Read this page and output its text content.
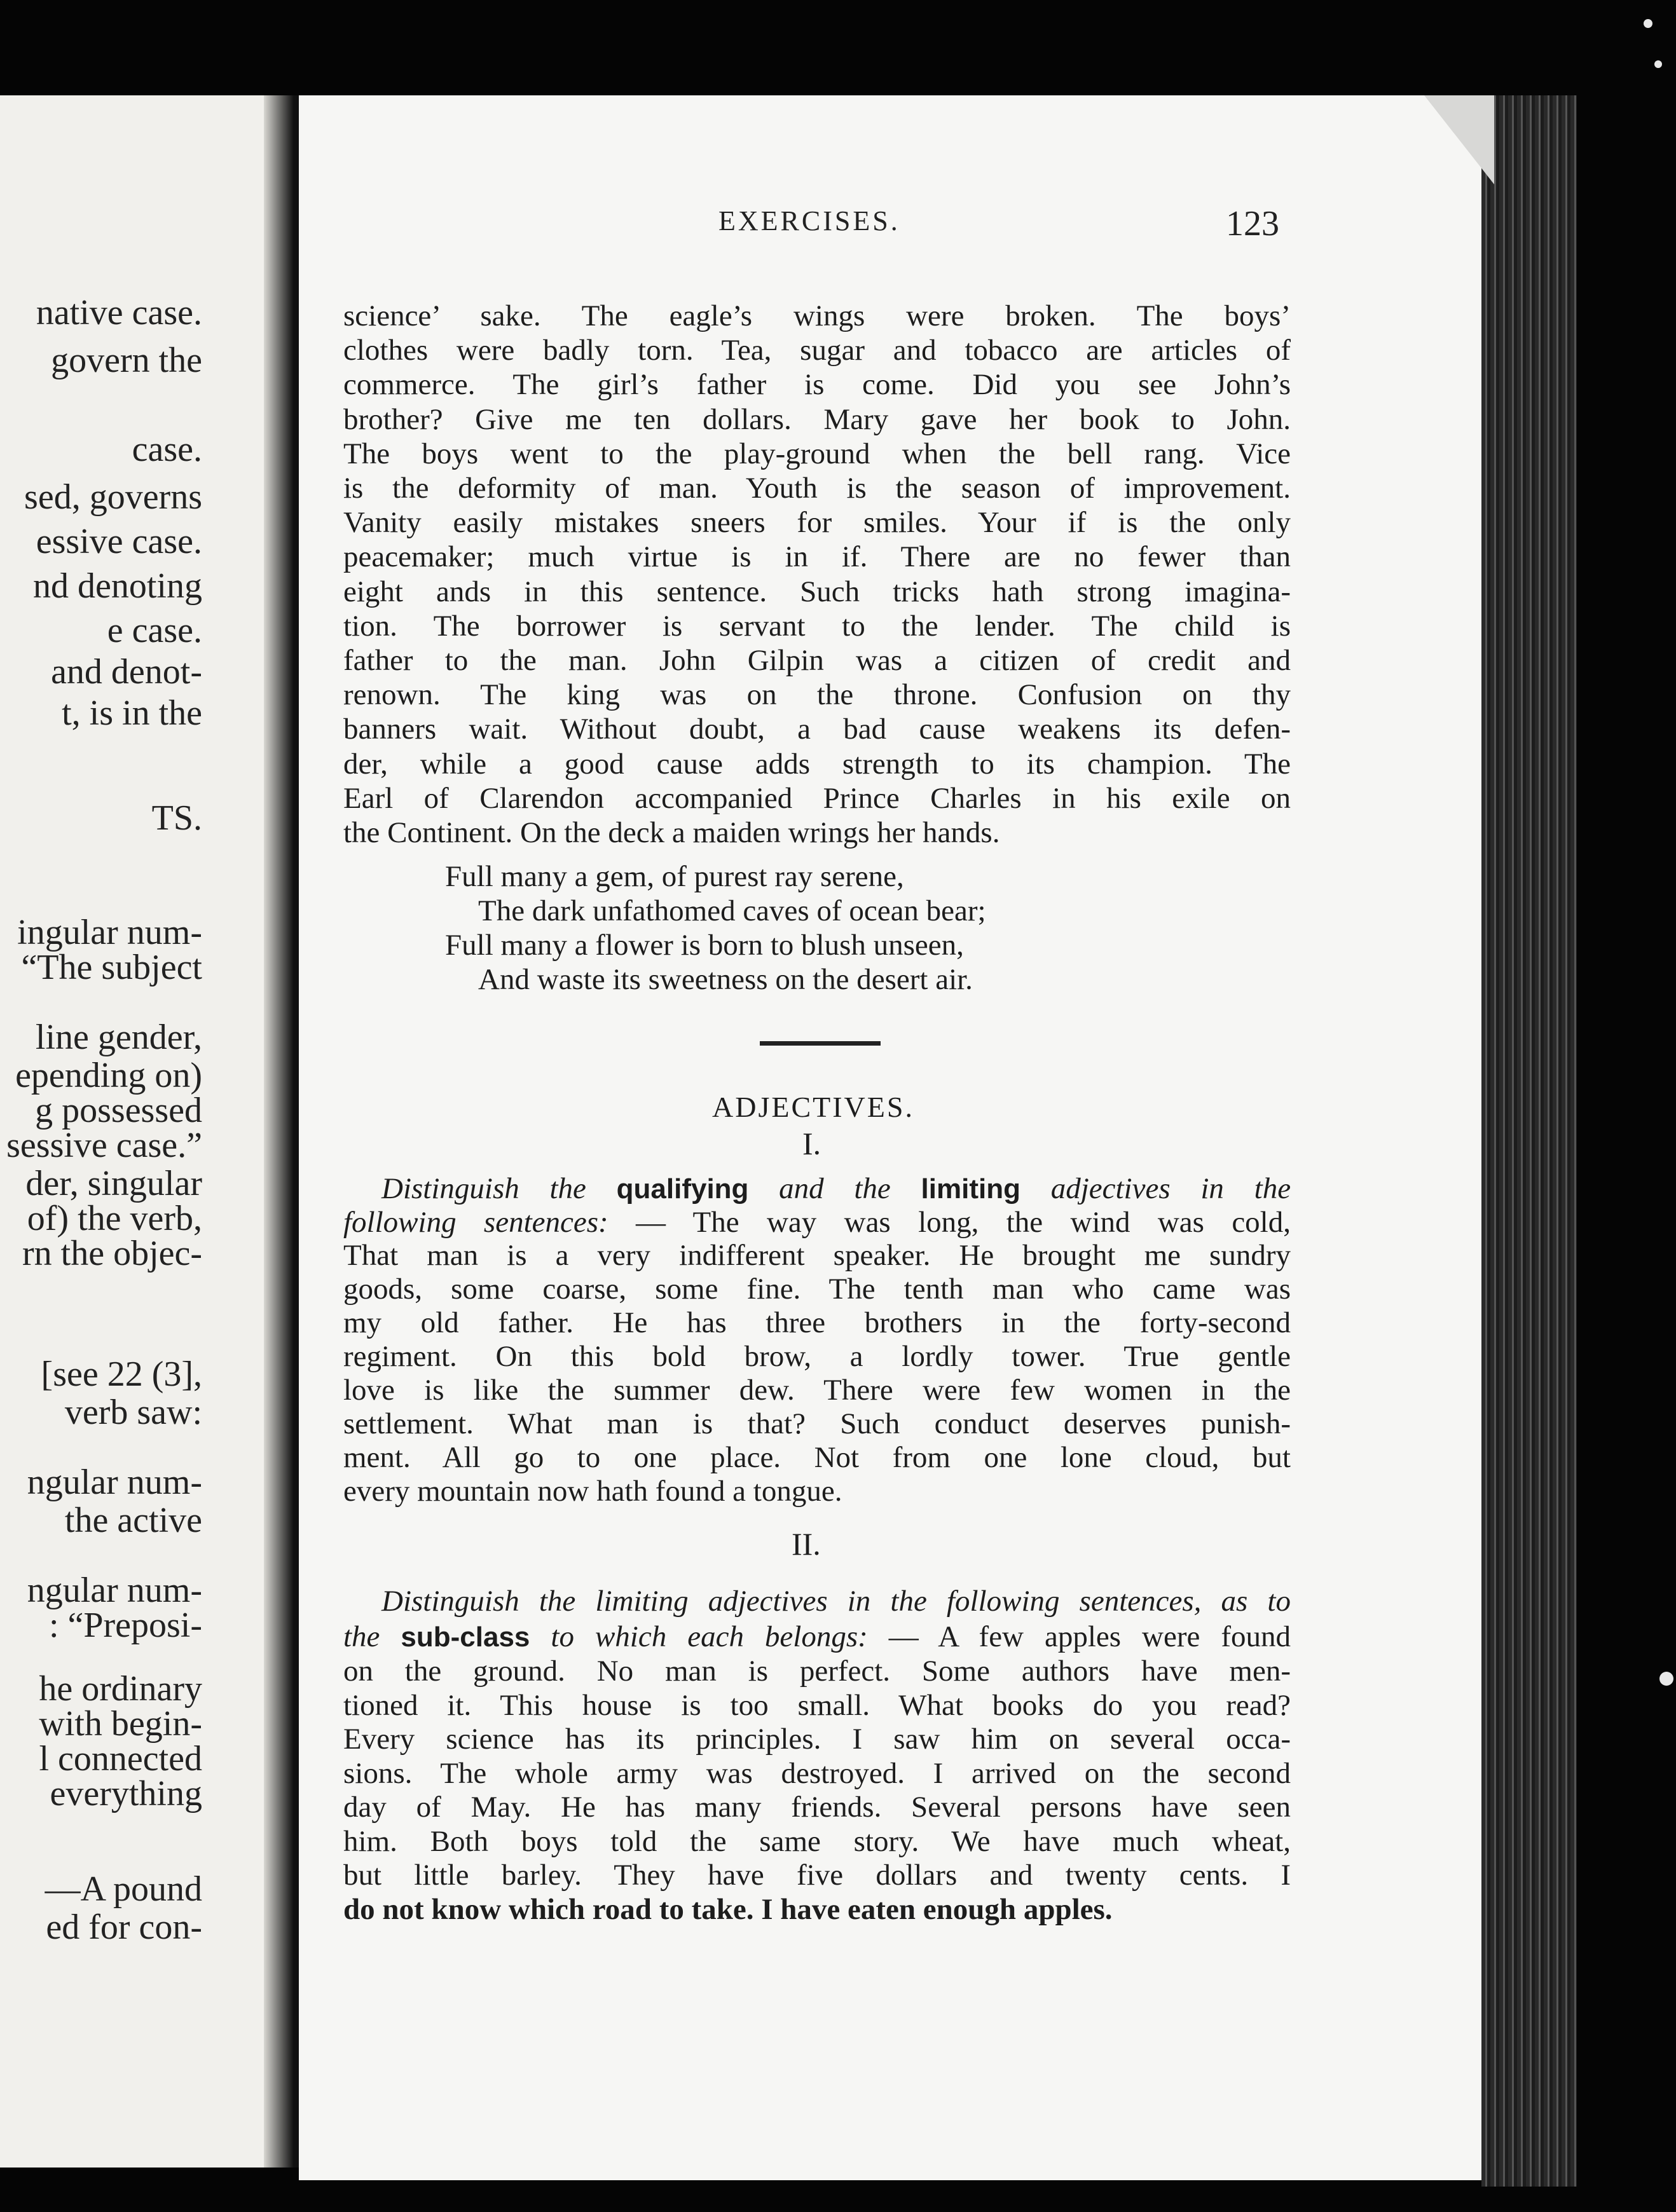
native case.
govern the
case.
sed, governs
essive case.
nd denoting
e case.
and denot-
t, is in the
TS.
ingular num-
“The subject
line gender,
epending on)
g possessed
sessive case.”
der, singular
of) the verb,
rn the objec-
[see 22 (3],
verb saw:
ngular num-
the active
ngular num-
: “Preposi-
he ordinary
with begin-
l connected
everything
—A pound
ed for con-
EXERCISES.	123
science’ sake. The eagle’s wings were broken. The boys’
clothes were badly torn. Tea, sugar and tobacco are articles of
commerce. The girl’s father is come. Did you see John’s
brother? Give me ten dollars. Mary gave her book to John.
The boys went to the play-ground when the bell rang. Vice
is the deformity of man. Youth is the season of improvement.
Vanity easily mistakes sneers for smiles. Your if is the only
peacemaker; much virtue is in if. There are no fewer than
eight ands in this sentence. Such tricks hath strong imagina-
tion. The borrower is servant to the lender. The child is
father to the man. John Gilpin was a citizen of credit and
renown. The king was on the throne. Confusion on thy
banners wait. Without doubt, a bad cause weakens its defen-
der, while a good cause adds strength to its champion. The
Earl of Clarendon accompanied Prince Charles in his exile on
the Continent. On the deck a maiden wrings her hands.
Full many a gem, of purest ray serene,
The dark unfathomed caves of ocean bear;
Full many a flower is born to blush unseen,
And waste its sweetness on the desert air.
ADJECTIVES.
I.
Distinguish the qualifying and the limiting adjectives in the
following sentences: — The way was long, the wind was cold,
That man is a very indifferent speaker. He brought me sundry
goods, some coarse, some fine. The tenth man who came was
my old father. He has three brothers in the forty-second
regiment. On this bold brow, a lordly tower. True gentle
love is like the summer dew. There were few women in the
settlement. What man is that? Such conduct deserves punish-
ment. All go to one place. Not from one lone cloud, but
every mountain now hath found a tongue.
II.
Distinguish the limiting adjectives in the following sentences, as to
the sub-class to which each belongs: — A few apples were found
on the ground. No man is perfect. Some authors have men-
tioned it. This house is too small. What books do you read?
Every science has its principles. I saw him on several occa-
sions. The whole army was destroyed. I arrived on the second
day of May. He has many friends. Several persons have seen
him. Both boys told the same story. We have much wheat,
but little barley. They have five dollars and twenty cents. I
do not know which road to take. I have eaten enough apples.
